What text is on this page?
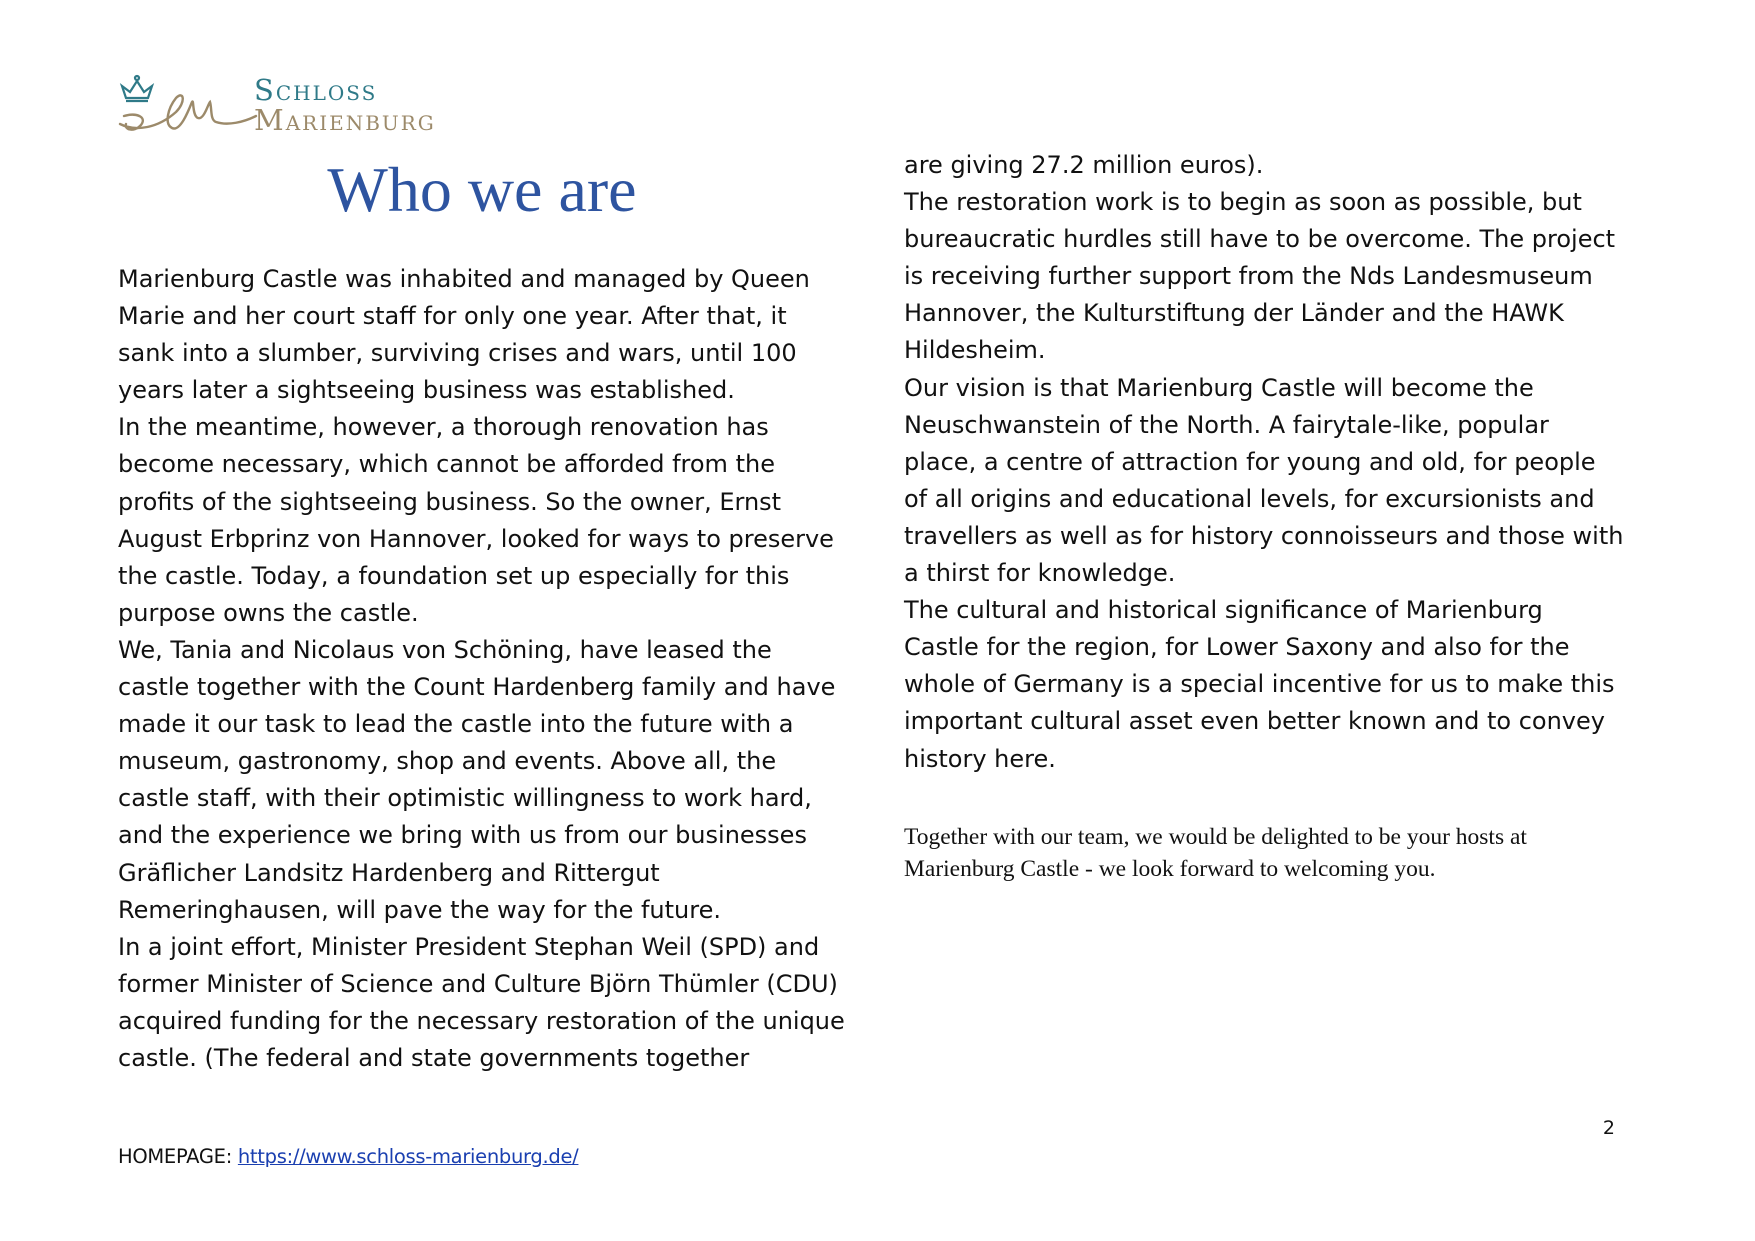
Schloss
Marienburg
Who we are

Marienburg Castle was inhabited and managed by Queen Marie and her court staff for only one year. After that, it sank into a slumber, surviving crises and wars, until 100 years later a sightseeing business was established.

In the meantime, however, a thorough renovation has become necessary, which cannot be afforded from the profits of the sightseeing business. So the owner, Ernst August Erbprinz von Hannover, looked for ways to preserve the castle. Today, a foundation set up especially for this purpose owns the castle.

We, Tania and Nicolaus von Schöning, have leased the castle together with the Count Hardenberg family and have made it our task to lead the castle into the future with a museum, gastronomy, shop and events. Above all, the castle staff, with their optimistic willingness to work hard, and the experience we bring with us from our businesses Gräflicher Landsitz Hardenberg and Rittergut Remeringhausen, will pave the way for the future.

In a joint effort, Minister President Stephan Weil (SPD) and former Minister of Science and Culture Björn Thümler (CDU) acquired funding for the necessary restoration of the unique castle. (The federal and state governments together

are giving 27.2 million euros).

The restoration work is to begin as soon as possible, but bureaucratic hurdles still have to be overcome. The project is receiving further support from the Nds Landesmuseum Hannover, the Kulturstiftung der Länder and the HAWK Hildesheim.

Our vision is that Marienburg Castle will become the Neuschwanstein of the North. A fairytale-like, popular place, a centre of attraction for young and old, for people of all origins and educational levels, for excursionists and travellers as well as for history connoisseurs and those with a thirst for knowledge.

The cultural and historical significance of Marienburg Castle for the region, for Lower Saxony and also for the whole of Germany is a special incentive for us to make this important cultural asset even better known and to convey history here.

Together with our team, we would be delighted to be your hosts at Marienburg Castle - we look forward to welcoming you.

2
HOMEPAGE: https://www.schloss-marienburg.de/
